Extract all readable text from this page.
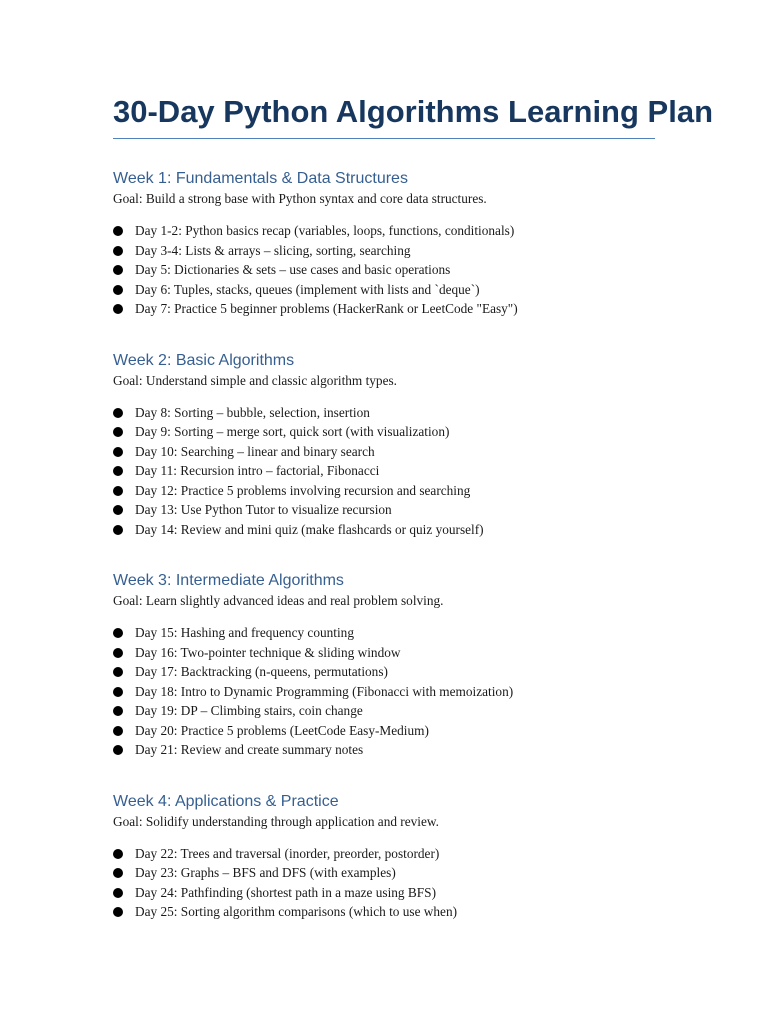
30-Day Python Algorithms Learning Plan
Week 1: Fundamentals & Data Structures

Goal: Build a strong base with Python syntax and core data structures.

Day 1-2: Python basics recap (variables, loops, functions, conditionals)
Day 3-4: Lists & arrays – slicing, sorting, searching
Day 5: Dictionaries & sets – use cases and basic operations
Day 6: Tuples, stacks, queues (implement with lists and `deque`)
Day 7: Practice 5 beginner problems (HackerRank or LeetCode "Easy")
Week 2: Basic Algorithms

Goal: Understand simple and classic algorithm types.

Day 8: Sorting – bubble, selection, insertion
Day 9: Sorting – merge sort, quick sort (with visualization)
Day 10: Searching – linear and binary search
Day 11: Recursion intro – factorial, Fibonacci
Day 12: Practice 5 problems involving recursion and searching
Day 13: Use Python Tutor to visualize recursion
Day 14: Review and mini quiz (make flashcards or quiz yourself)
Week 3: Intermediate Algorithms

Goal: Learn slightly advanced ideas and real problem solving.

Day 15: Hashing and frequency counting
Day 16: Two-pointer technique & sliding window
Day 17: Backtracking (n-queens, permutations)
Day 18: Intro to Dynamic Programming (Fibonacci with memoization)
Day 19: DP – Climbing stairs, coin change
Day 20: Practice 5 problems (LeetCode Easy-Medium)
Day 21: Review and create summary notes
Week 4: Applications & Practice

Goal: Solidify understanding through application and review.

Day 22: Trees and traversal (inorder, preorder, postorder)
Day 23: Graphs – BFS and DFS (with examples)
Day 24: Pathfinding (shortest path in a maze using BFS)
Day 25: Sorting algorithm comparisons (which to use when)
